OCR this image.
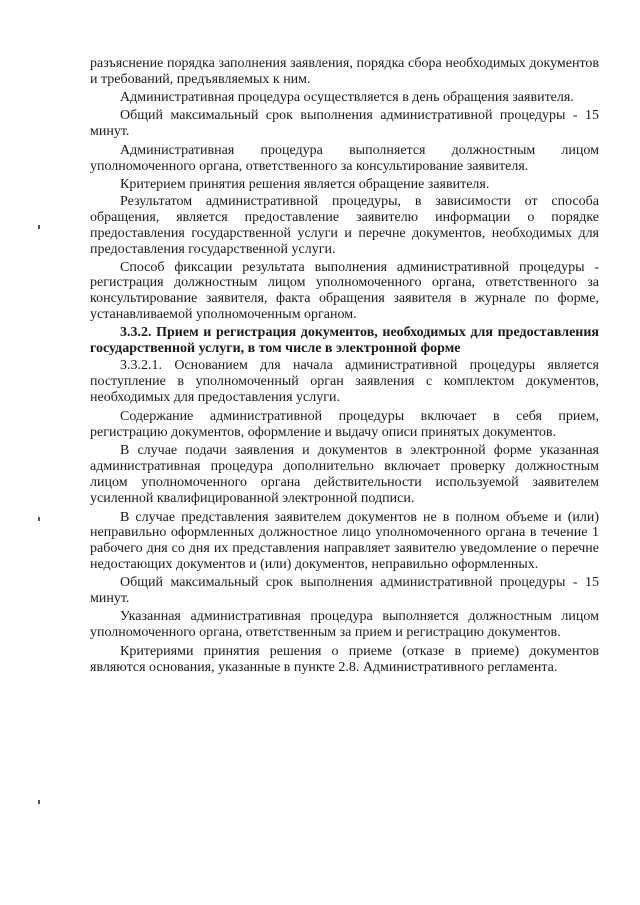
разъяснение порядка заполнения заявления, порядка сбора необходимых документов и требований, предъявляемых к ним.

Административная процедура осуществляется в день обращения заявителя.

Общий максимальный срок выполнения административной процедуры - 15 минут.

Административная процедура выполняется должностным лицом уполномоченного органа, ответственного за консультирование заявителя.

Критерием принятия решения является обращение заявителя.

Результатом административной процедуры, в зависимости от способа обращения, является предоставление заявителю информации о порядке предоставления государственной услуги и перечне документов, необходимых для предоставления государственной услуги.

Способ фиксации результата выполнения административной процедуры - регистрация должностным лицом уполномоченного органа, ответственного за консультирование заявителя, факта обращения заявителя в журнале по форме, устанавливаемой уполномоченным органом.

3.3.2. Прием и регистрация документов, необходимых для предоставления государственной услуги, в том числе в электронной форме

3.3.2.1. Основанием для начала административной процедуры является поступление в уполномоченный орган заявления с комплектом документов, необходимых для предоставления услуги.

Содержание административной процедуры включает в себя прием, регистрацию документов, оформление и выдачу описи принятых документов.

В случае подачи заявления и документов в электронной форме указанная административная процедура дополнительно включает проверку должностным лицом уполномоченного органа действительности используемой заявителем усиленной квалифицированной электронной подписи.

В случае представления заявителем документов не в полном объеме и (или) неправильно оформленных должностное лицо уполномоченного органа в течение 1 рабочего дня со дня их представления направляет заявителю уведомление о перечне недостающих документов и (или) документов, неправильно оформленных.

Общий максимальный срок выполнения административной процедуры - 15 минут.

Указанная административная процедура выполняется должностным лицом уполномоченного органа, ответственным за прием и регистрацию документов.

Критериями принятия решения о приеме (отказе в приеме) документов являются основания, указанные в пункте 2.8. Административного регламента.
